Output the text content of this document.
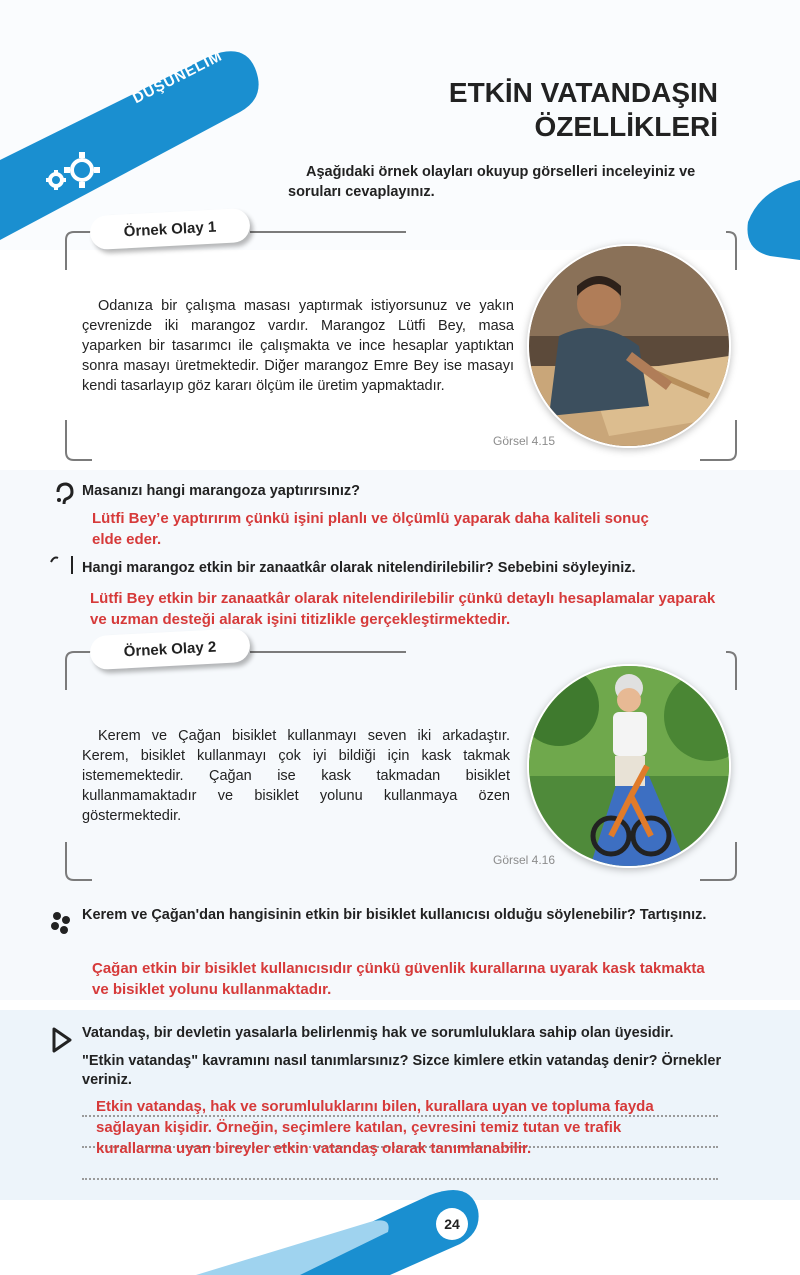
DÜŞÜNELİM	ETKİN VATANDAŞIN
ÖZELLİKLERİ
Aşağıdaki örnek olayları okuyup görselleri inceleyiniz ve soruları cevaplayınız.
Örnek Olay 1
Odanıza bir çalışma masası yaptırmak istiyorsunuz ve yakın çevrenizde iki marangoz vardır. Marangoz Lütfi Bey, masa yaparken bir tasarımcı ile çalışmakta ve ince hesaplar yaptıktan sonra masayı üretmektedir. Diğer marangoz Emre Bey ise masayı kendi tasarlayıp göz kararı ölçüm ile üretim yapmaktadır.
Görsel 4.15
Masanızı hangi marangoza yaptırırsınız?
Lütfi Bey’e yaptırırım çünkü işini planlı ve ölçümlü yaparak daha kaliteli sonuç elde eder.
Hangi marangoz etkin bir zanaatkâr olarak nitelendirilebilir? Sebebini söyleyiniz.
Lütfi Bey etkin bir zanaatkâr olarak nitelendirilebilir çünkü detaylı hesaplamalar yaparak ve uzman desteği alarak işini titizlikle gerçekleştirmektedir.
Örnek Olay 2
Kerem ve Çağan bisiklet kullanmayı seven iki arkadaştır. Kerem, bisiklet kullanmayı çok iyi bildiği için kask takmak istememektedir. Çağan ise kask takmadan bisiklet kullanmamaktadır ve bisiklet yolunu kullanmaya özen göstermektedir.
Görsel 4.16
Kerem ve Çağan'dan hangisinin etkin bir bisiklet kullanıcısı olduğu söylenebilir? Tartışınız.
Çağan etkin bir bisiklet kullanıcısıdır çünkü güvenlik kurallarına uyarak kask takmakta ve bisiklet yolunu kullanmaktadır.
Vatandaş, bir devletin yasalarla belirlenmiş hak ve sorumluluklara sahip olan üyesidir.
"Etkin vatandaş" kavramını nasıl tanımlarsınız? Sizce kimlere etkin vatandaş denir? Örnekler veriniz.
Etkin vatandaş, hak ve sorumluluklarını bilen, kurallara uyan ve topluma fayda sağlayan kişidir. Örneğin, seçimlere katılan, çevresini temiz tutan ve trafik kurallarına uyan bireyler etkin vatandaş olarak tanımlanabilir.
24
